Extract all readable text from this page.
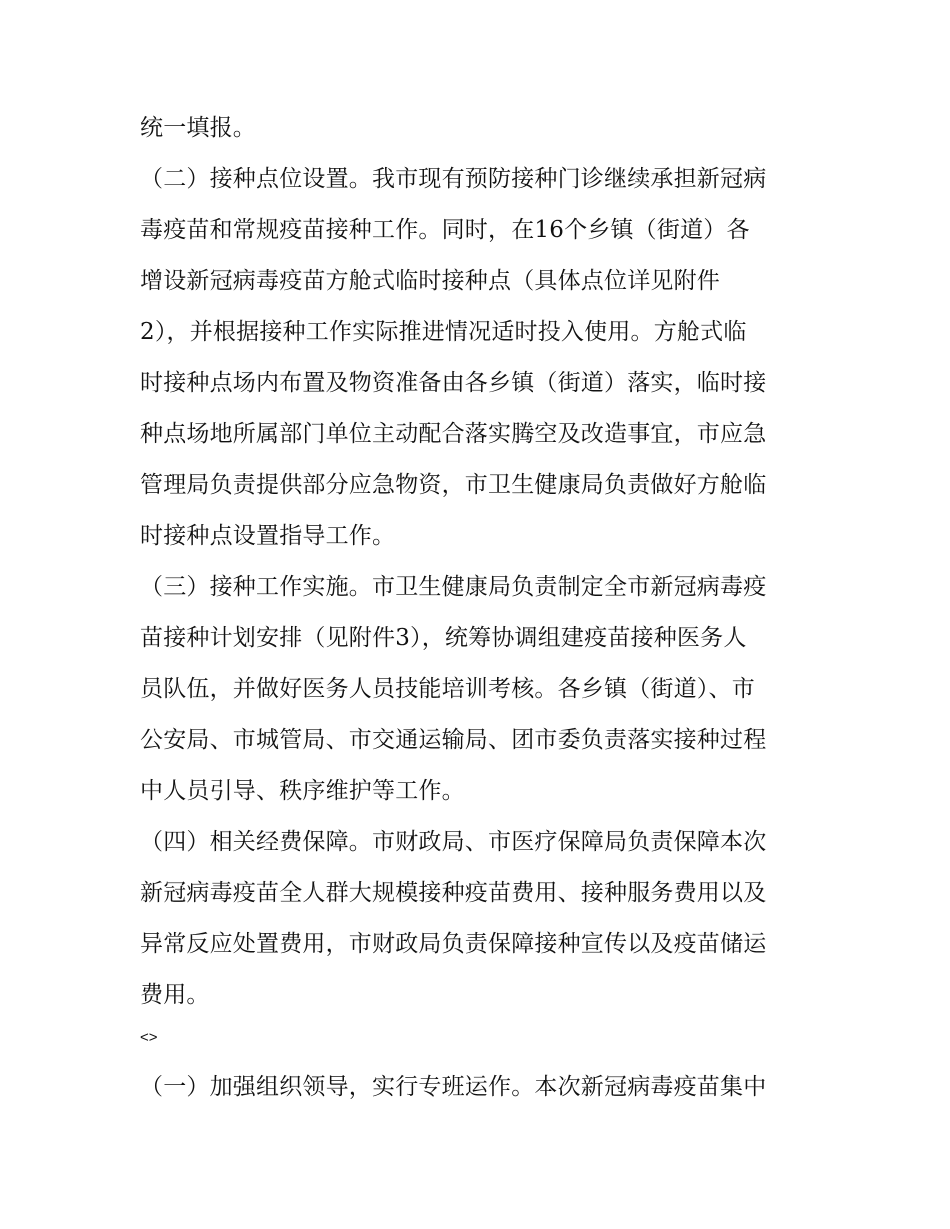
统一填报。
（二）接种点位设置。我市现有预防接种门诊继续承担新冠病
毒疫苗和常规疫苗接种工作。同时，在16个乡镇（街道）各
增设新冠病毒疫苗方舱式临时接种点（具体点位详见附件
2），并根据接种工作实际推进情况适时投入使用。方舱式临
时接种点场内布置及物资准备由各乡镇（街道）落实，临时接
种点场地所属部门单位主动配合落实腾空及改造事宜，市应急
管理局负责提供部分应急物资，市卫生健康局负责做好方舱临
时接种点设置指导工作。
（三）接种工作实施。市卫生健康局负责制定全市新冠病毒疫
苗接种计划安排（见附件3），统筹协调组建疫苗接种医务人
员队伍，并做好医务人员技能培训考核。各乡镇（街道）、市
公安局、市城管局、市交通运输局、团市委负责落实接种过程
中人员引导、秩序维护等工作。
（四）相关经费保障。市财政局、市医疗保障局负责保障本次
新冠病毒疫苗全人群大规模接种疫苗费用、接种服务费用以及
异常反应处置费用，市财政局负责保障接种宣传以及疫苗储运
费用。
<>
（一）加强组织领导，实行专班运作。本次新冠病毒疫苗集中
